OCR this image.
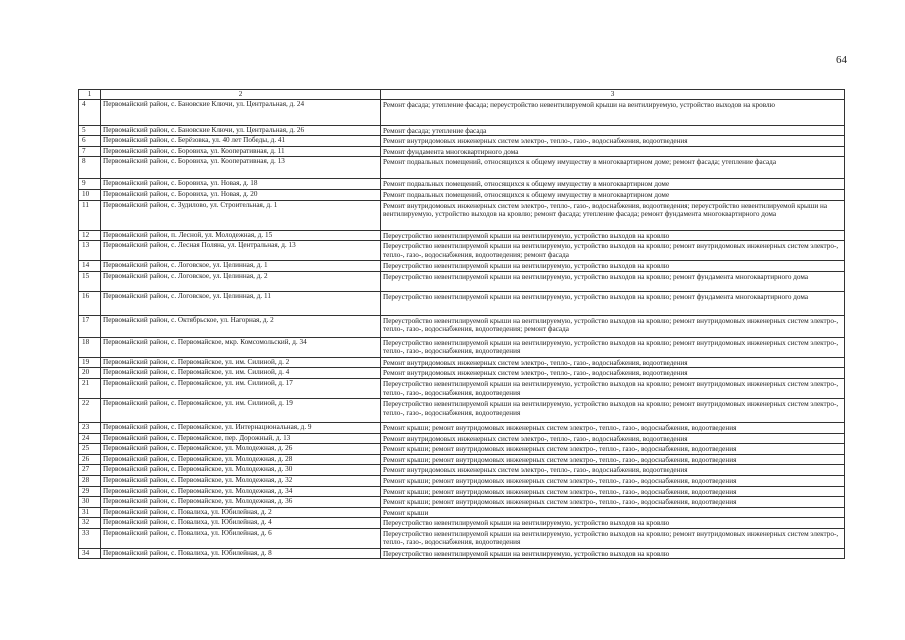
64
1	2	3
4	Первомайский район, с. Бановские Ключи, ул. Центральная, д. 24	Ремонт фасада; утепление фасада; переустройство невентилируемой крыши на вентилируемую, устройство выходов на кровлю
5	Первомайский район, с. Бановские Ключи, ул. Центральная, д. 26	Ремонт фасада; утепление фасада
6	Первомайский район, с. Берёзовка, ул. 40 лет Победы, д. 41	Ремонт внутридомовых инженерных систем электро-, тепло-, газо-, водоснабжения, водоотведения
7	Первомайский район, с. Боровиха, ул. Кооперативная, д. 11	Ремонт фундамента многоквартирного дома
8	Первомайский район, с. Боровиха, ул. Кооперативная, д. 13	Ремонт подвальных помещений, относящихся к общему имуществу в многоквартирном доме; ремонт фасада; утепление фасада
9	Первомайский район, с. Боровиха, ул. Новая, д. 18	Ремонт подвальных помещений, относящихся к общему имуществу в многоквартирном доме
10	Первомайский район, с. Боровиха, ул. Новая, д. 20	Ремонт подвальных помещений, относящихся к общему имуществу в многоквартирном доме
11	Первомайский район, с. Зудилово, ул. Строительная, д. 1	Ремонт внутридомовых инженерных систем электро-, тепло-, газо-, водоснабжения, водоотведения; переустройство невентилируемой крыши на вентилируемую, устройство выходов на кровлю; ремонт фасада; утепление фасада; ремонт фундамента многоквартирного дома
12	Первомайский район, п. Лесной, ул. Молодежная, д. 15	Переустройство невентилируемой крыши на вентилируемую, устройство выходов на кровлю
13	Первомайский район, с. Лесная Поляна, ул. Центральная, д. 13	Переустройство невентилируемой крыши на вентилируемую, устройство выходов на кровлю; ремонт внутридомовых инженерных систем электро-, тепло-, газо-, водоснабжения, водоотведения; ремонт фасада
14	Первомайский район, с. Логовское, ул. Целинная, д. 1	Переустройство невентилируемой крыши на вентилируемую, устройство выходов на кровлю
15	Первомайский район, с. Логовское, ул. Целинная, д. 2	Переустройство невентилируемой крыши на вентилируемую, устройство выходов на кровлю; ремонт фундамента многоквартирного дома
16	Первомайский район, с. Логовское, ул. Целинная, д. 11	Переустройство невентилируемой крыши на вентилируемую, устройство выходов на кровлю; ремонт фундамента многоквартирного дома
17	Первомайский район, с. Октябрьское, ул. Нагорная, д. 2	Переустройство невентилируемой крыши на вентилируемую, устройство выходов на кровлю; ремонт внутридомовых инженерных систем электро-, тепло-, газо-, водоснабжения, водоотведения; ремонт фасада
18	Первомайский район, с. Первомайское, мкр. Комсомольский, д. 34	Переустройство невентилируемой крыши на вентилируемую, устройство выходов на кровлю; ремонт внутридомовых инженерных систем электро-, тепло-, газо-, водоснабжения, водоотведения
19	Первомайский район, с. Первомайское, ул. им. Силиной, д. 2	Ремонт внутридомовых инженерных систем электро-, тепло-, газо-, водоснабжения, водоотведения
20	Первомайский район, с. Первомайское, ул. им. Силиной, д. 4	Ремонт внутридомовых инженерных систем электро-, тепло-, газо-, водоснабжения, водоотведения
21	Первомайский район, с. Первомайское, ул. им. Силиной, д. 17	Переустройство невентилируемой крыши на вентилируемую, устройство выходов на кровлю; ремонт внутридомовых инженерных систем электро-, тепло-, газо-, водоснабжения, водоотведения
22	Первомайский район, с. Первомайское, ул. им. Силиной, д. 19	Переустройство невентилируемой крыши на вентилируемую, устройство выходов на кровлю; ремонт внутридомовых инженерных систем электро-, тепло-, газо-, водоснабжения, водоотведения
23	Первомайский район, с. Первомайское, ул. Интернациональная, д. 9	Ремонт крыши; ремонт внутридомовых инженерных систем электро-, тепло-, газо-, водоснабжения, водоотведения
24	Первомайский район, с. Первомайское, пер. Дорожный, д. 13	Ремонт внутридомовых инженерных систем электро-, тепло-, газо-, водоснабжения, водоотведения
25	Первомайский район, с. Первомайское, ул. Молодежная, д. 26	Ремонт крыши; ремонт внутридомовых инженерных систем электро-, тепло-, газо-, водоснабжения, водоотведения
26	Первомайский район, с. Первомайское, ул. Молодежная, д. 28	Ремонт крыши; ремонт внутридомовых инженерных систем электро-, тепло-, газо-, водоснабжения, водоотведения
27	Первомайский район, с. Первомайское, ул. Молодежная, д. 30	Ремонт внутридомовых инженерных систем электро-, тепло-, газо-, водоснабжения, водоотведения
28	Первомайский район, с. Первомайское, ул. Молодежная, д. 32	Ремонт крыши; ремонт внутридомовых инженерных систем электро-, тепло-, газо-, водоснабжения, водоотведения
29	Первомайский район, с. Первомайское, ул. Молодежная, д. 34	Ремонт крыши; ремонт внутридомовых инженерных систем электро-, тепло-, газо-, водоснабжения, водоотведения
30	Первомайский район, с. Первомайское, ул. Молодежная, д. 36	Ремонт крыши; ремонт внутридомовых инженерных систем электро-, тепло-, газо-, водоснабжения, водоотведения
31	Первомайский район, с. Повалиха, ул. Юбилейная, д. 2	Ремонт крыши
32	Первомайский район, с. Повалиха, ул. Юбилейная, д. 4	Переустройство невентилируемой крыши на вентилируемую, устройство выходов на кровлю
33	Первомайский район, с. Повалиха, ул. Юбилейная, д. 6	Переустройство невентилируемой крыши на вентилируемую, устройство выходов на кровлю; ремонт внутридомовых инженерных систем электро-, тепло-, газо-, водоснабжения, водоотведения
34	Первомайский район, с. Повалиха, ул. Юбилейная, д. 8	Переустройство невентилируемой крыши на вентилируемую, устройство выходов на кровлю
